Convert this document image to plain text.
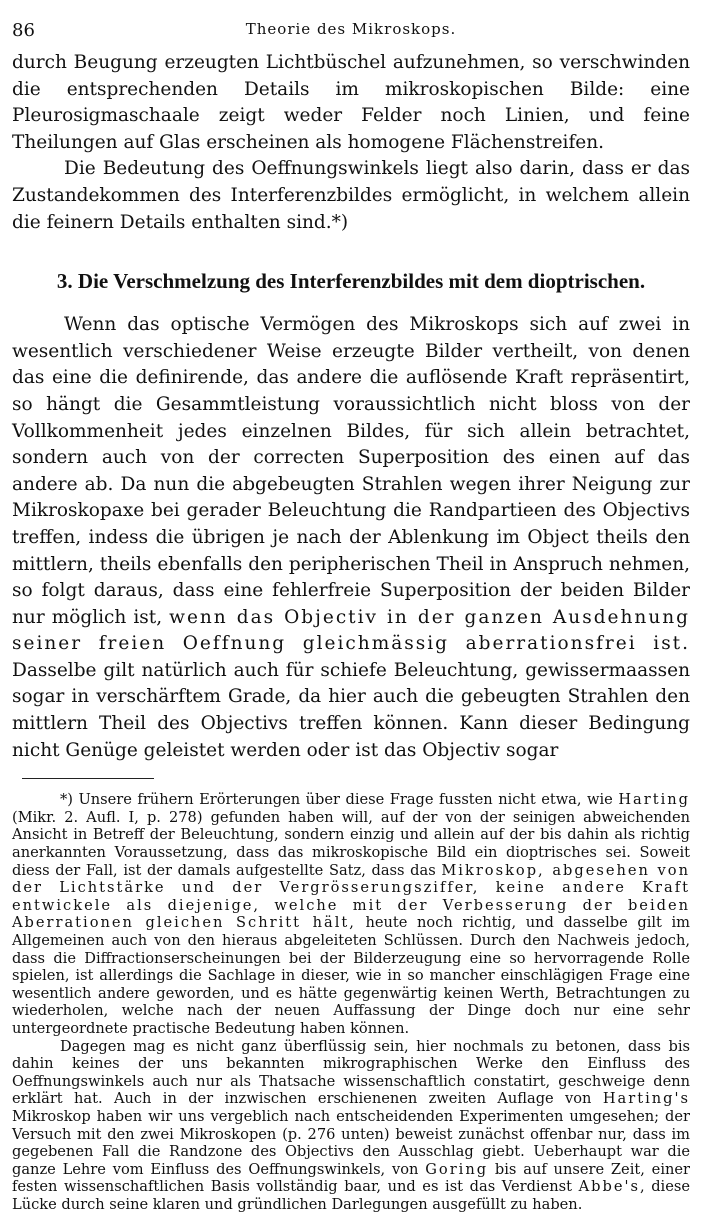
86	Theorie des Mikroskops.

durch Beugung erzeugten Lichtbüschel aufzunehmen, so verschwinden die entsprechenden Details im mikroskopischen Bilde: eine Pleurosigmaschaale zeigt weder Felder noch Linien, und feine Theilungen auf Glas erscheinen als homogene Flächenstreifen.

Die Bedeutung des Oeffnungswinkels liegt also darin, dass er das Zustandekommen des Interferenzbildes ermöglicht, in welchem allein die feinern Details enthalten sind.*)

3. Die Verschmelzung des Interferenzbildes mit dem dioptrischen.

Wenn das optische Vermögen des Mikroskops sich auf zwei in wesentlich verschiedener Weise erzeugte Bilder vertheilt, von denen das eine die definirende, das andere die auflösende Kraft repräsentirt, so hängt die Gesammtleistung voraussichtlich nicht bloss von der Vollkommenheit jedes einzelnen Bildes, für sich allein betrachtet, sondern auch von der correcten Superposition des einen auf das andere ab. Da nun die abgebeugten Strahlen wegen ihrer Neigung zur Mikroskopaxe bei gerader Beleuchtung die Randpartieen des Objectivs treffen, indess die übrigen je nach der Ablenkung im Object theils den mittlern, theils ebenfalls den peripherischen Theil in Anspruch nehmen, so folgt daraus, dass eine fehlerfreie Superposition der beiden Bilder nur möglich ist, wenn das Objectiv in der ganzen Ausdehnung seiner freien Oeffnung gleichmässig aberrationsfrei ist. Dasselbe gilt natürlich auch für schiefe Beleuchtung, gewissermaassen sogar in verschärftem Grade, da hier auch die gebeugten Strahlen den mittlern Theil des Objectivs treffen können. Kann dieser Bedingung nicht Genüge geleistet werden oder ist das Objectiv sogar

*) Unsere frühern Erörterungen über diese Frage fussten nicht etwa, wie Harting (Mikr. 2. Aufl. I, p. 278) gefunden haben will, auf der von der seinigen abweichenden Ansicht in Betreff der Beleuchtung, sondern einzig und allein auf der bis dahin als richtig anerkannten Voraussetzung, dass das mikroskopische Bild ein dioptrisches sei. Soweit diess der Fall, ist der damals aufgestellte Satz, dass das Mikroskop, abgesehen von der Lichtstärke und der Vergrösserungsziffer, keine andere Kraft entwickele als diejenige, welche mit der Verbesserung der beiden Aberrationen gleichen Schritt hält, heute noch richtig, und dasselbe gilt im Allgemeinen auch von den hieraus abgeleiteten Schlüssen. Durch den Nachweis jedoch, dass die Diffractionserscheinungen bei der Bilderzeugung eine so hervorragende Rolle spielen, ist allerdings die Sachlage in dieser, wie in so mancher einschlägigen Frage eine wesentlich andere geworden, und es hätte gegenwärtig keinen Werth, Betrachtungen zu wiederholen, welche nach der neuen Auffassung der Dinge doch nur eine sehr untergeordnete practische Bedeutung haben können.

Dagegen mag es nicht ganz überflüssig sein, hier nochmals zu betonen, dass bis dahin keines der uns bekannten mikrographischen Werke den Einfluss des Oeffnungswinkels auch nur als Thatsache wissenschaftlich constatirt, geschweige denn erklärt hat. Auch in der inzwischen erschienenen zweiten Auflage von Harting's Mikroskop haben wir uns vergeblich nach entscheidenden Experimenten umgesehen; der Versuch mit den zwei Mikroskopen (p. 276 unten) beweist zunächst offenbar nur, dass im gegebenen Fall die Randzone des Objectivs den Ausschlag giebt. Ueberhaupt war die ganze Lehre vom Einfluss des Oeffnungswinkels, von Goring bis auf unsere Zeit, einer festen wissenschaftlichen Basis vollständig baar, und es ist das Verdienst Abbe's, diese Lücke durch seine klaren und gründlichen Darlegungen ausgefüllt zu haben.
